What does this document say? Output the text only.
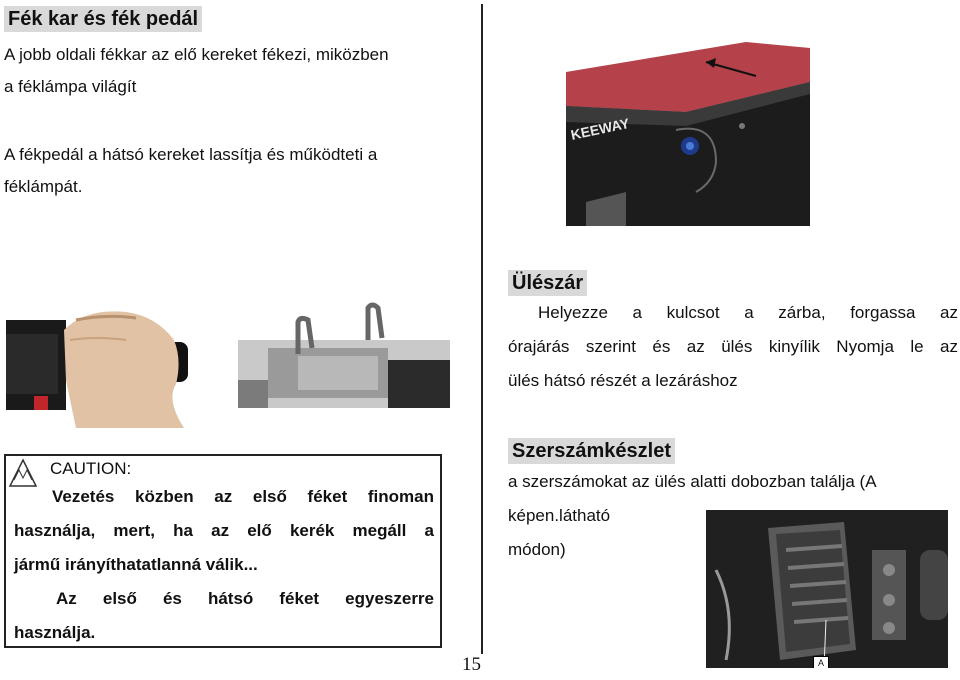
Fék kar és fék pedál
A jobb oldali fékkar az elő kereket fékezi, miközben
a féklámpa világít
A fékpedál a hátsó kereket lassítja és működteti a
féklámpát.
CAUTION:
Vezetés közben az első féket finoman
használja, mert, ha az elő kerék megáll a
jármű irányíthatatlanná válik...
Az első és hátsó féket egyeszerre
használja.
15
KEEWAY
Ülészár
Helyezze a kulcsot a zárba, forgassa az
órajárás szerint és az ülés kinyílik Nyomja le az
ülés hátsó részét a lezáráshoz
Szerszámkészlet
a szerszámokat az ülés alatti dobozban találja (A
képen.látható
módon)
A
